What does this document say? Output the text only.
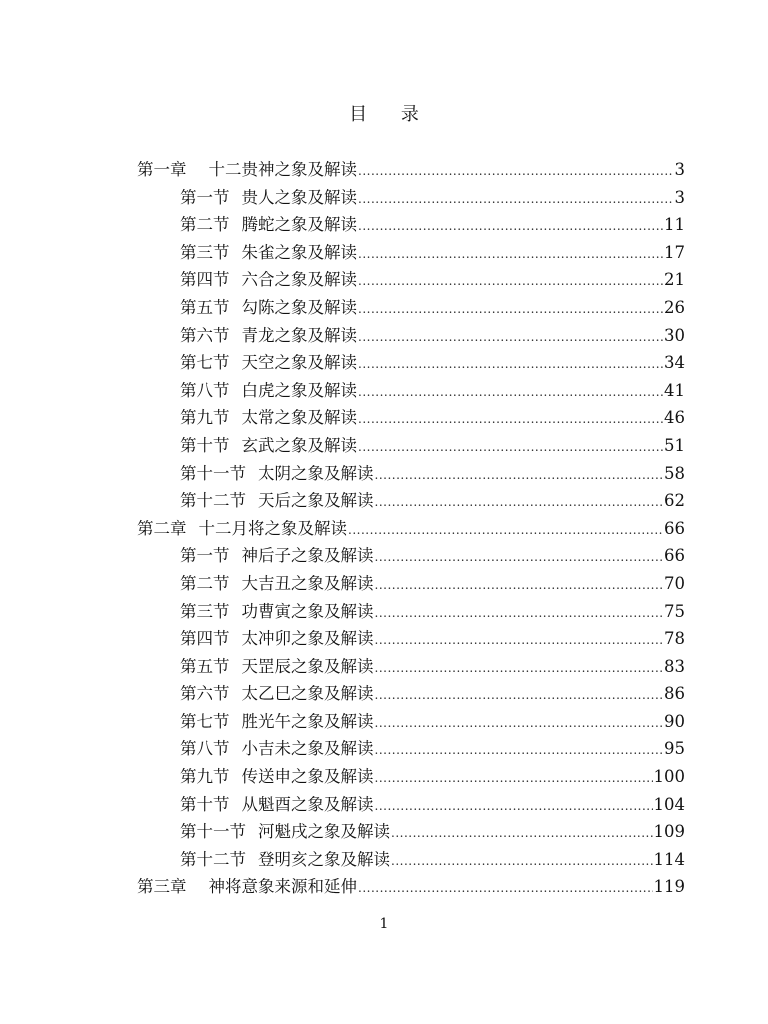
目 录
第一章 十二贵神之象及解读 .....	3
第一节 贵人之象及解读 .....	3
第二节 腾蛇之象及解读 .....	11
第三节 朱雀之象及解读 .....	17
第四节 六合之象及解读 .....	21
第五节 勾陈之象及解读 .....	26
第六节 青龙之象及解读 .....	30
第七节 天空之象及解读 .....	34
第八节 白虎之象及解读 .....	41
第九节 太常之象及解读 .....	46
第十节 玄武之象及解读 .....	51
第十一节 太阴之象及解读 .....	58
第十二节 天后之象及解读 .....	62
第二章 十二月将之象及解读 .....	66
第一节 神后子之象及解读 .....	66
第二节 大吉丑之象及解读 .....	70
第三节 功曹寅之象及解读 .....	75
第四节 太冲卯之象及解读 .....	78
第五节 天罡辰之象及解读 .....	83
第六节 太乙巳之象及解读 .....	86
第七节 胜光午之象及解读 .....	90
第八节 小吉未之象及解读 .....	95
第九节 传送申之象及解读 .....	100
第十节 从魁酉之象及解读 .....	104
第十一节 河魁戌之象及解读 .....	109
第十二节 登明亥之象及解读 .....	114
第三章 神将意象来源和延伸 .....	119
1
